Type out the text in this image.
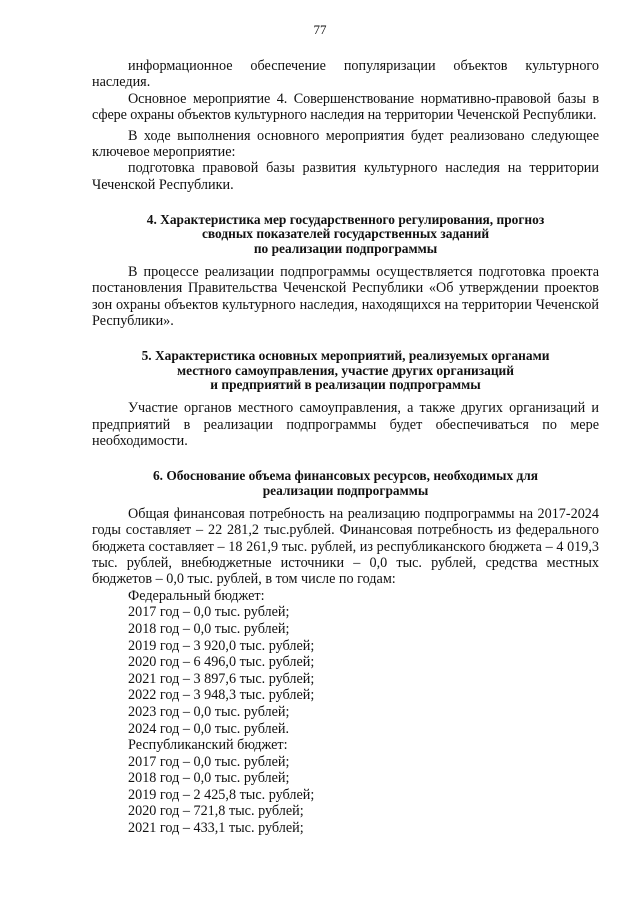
77

информационное обеспечение популяризации объектов культурного наследия.

Основное мероприятие 4. Совершенствование нормативно-правовой базы в сфере охраны объектов культурного наследия на территории Чеченской Республики.

В ходе выполнения основного мероприятия будет реализовано следующее ключевое мероприятие:

подготовка правовой базы развития культурного наследия на территории Чеченской Республики.

4. Характеристика мер государственного регулирования, прогноз
сводных показателей государственных заданий
по реализации подпрограммы

В процессе реализации подпрограммы осуществляется подготовка проекта постановления Правительства Чеченской Республики «Об утверждении проектов зон охраны объектов культурного наследия, находящихся на территории Чеченской Республики».

5. Характеристика основных мероприятий, реализуемых органами
местного самоуправления, участие других организаций
и предприятий в реализации подпрограммы

Участие органов местного самоуправления, а также других организаций и предприятий в реализации подпрограммы будет обеспечиваться по мере необходимости.

6. Обоснование объема финансовых ресурсов, необходимых для
реализации подпрограммы

Общая финансовая потребность на реализацию подпрограммы на 2017-2024 годы составляет – 22 281,2 тыс.рублей. Финансовая потребность из федерального бюджета составляет – 18 261,9 тыс. рублей, из республиканского бюджета – 4 019,3 тыс. рублей, внебюджетные источники – 0,0 тыс. рублей, средства местных бюджетов – 0,0 тыс. рублей, в том числе по годам:

Федеральный бюджет:
2017 год – 0,0 тыс. рублей;
2018 год – 0,0 тыс. рублей;
2019 год – 3 920,0 тыс. рублей;
2020 год – 6 496,0 тыс. рублей;
2021 год – 3 897,6 тыс. рублей;
2022 год – 3 948,3 тыс. рублей;
2023 год – 0,0 тыс. рублей;
2024 год – 0,0 тыс. рублей.
Республиканский бюджет:
2017 год – 0,0 тыс. рублей;
2018 год – 0,0 тыс. рублей;
2019 год – 2 425,8 тыс. рублей;
2020 год – 721,8 тыс. рублей;
2021 год – 433,1 тыс. рублей;
